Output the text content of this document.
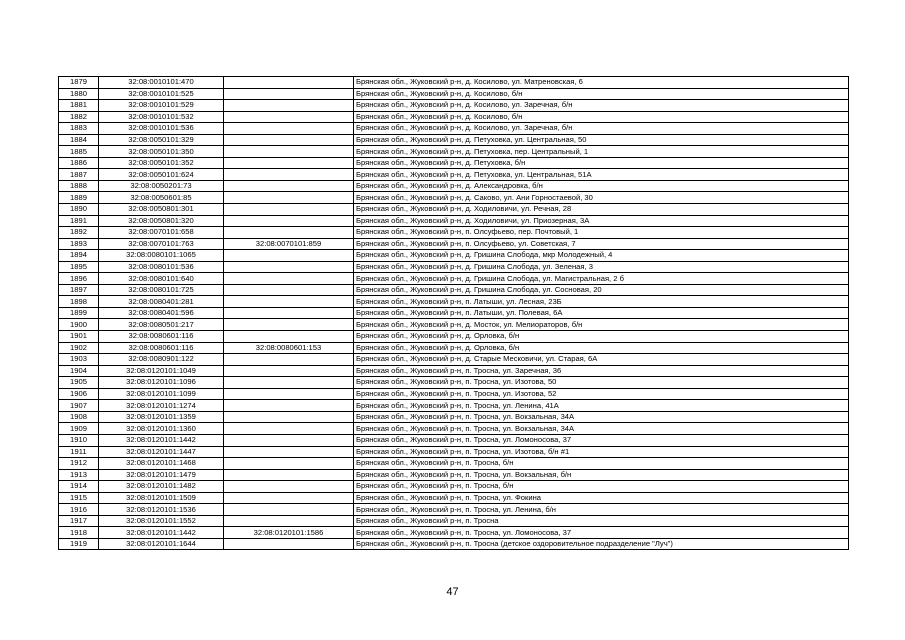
1879	32:08:0010101:470		Брянская обл., Жуковский р-н, д. Косилово, ул. Матреновская, 6
1880	32:08:0010101:525		Брянская обл., Жуковский р-н, д. Косилово, б/н
1881	32:08:0010101:529		Брянская обл., Жуковский р-н, д. Косилово, ул. Заречная, б/н
1882	32:08:0010101:532		Брянская обл., Жуковский р-н, д. Косилово, б/н
1883	32:08:0010101:536		Брянская обл., Жуковский р-н, д. Косилово, ул. Заречная, б/н
1884	32:08:0050101:329		Брянская обл., Жуковский р-н, д. Петуховка, ул. Центральная, 50
1885	32:08:0050101:350		Брянская обл., Жуковский р-н, д. Петуховка, пер. Центральный, 1
1886	32:08:0050101:352		Брянская обл., Жуковский р-н, д. Петуховка, б/н
1887	32:08:0050101:624		Брянская обл., Жуковский р-н, д. Петуховка, ул. Центральная, 51А
1888	32:08:0050201:73		Брянская обл., Жуковский р-н, д. Александровка, б/н
1889	32:08:0050601:85		Брянская обл., Жуковский р-н, д. Саково, ул. Ани Горностаевой, 30
1890	32:08:0050801:301		Брянская обл., Жуковский р-н, д. Ходиловичи, ул. Речная, 28
1891	32:08:0050801:320		Брянская обл., Жуковский р-н, д. Ходиловичи, ул. Приозерная, 3А
1892	32:08:0070101:658		Брянская обл., Жуковский р-н, п. Олсуфьево, пер. Почтовый, 1
1893	32:08:0070101:763	32:08:0070101:859	Брянская обл., Жуковский р-н, п. Олсуфьево, ул. Советская, 7
1894	32:08:0080101:1065		Брянская обл., Жуковский р-н, д. Гришина Слобода, мкр Молодежный, 4
1895	32:08:0080101:536		Брянская обл., Жуковский р-н, д. Гришина Слобода, ул. Зеленая, 3
1896	32:08:0080101:640		Брянская обл., Жуковский р-н, д. Гришина Слобода, ул. Магистральная, 2 б
1897	32:08:0080101:725		Брянская обл., Жуковский р-н, д. Гришина Слобода, ул. Сосновая, 20
1898	32:08:0080401:281		Брянская обл., Жуковский р-н, п. Латыши, ул. Лесная, 23Б
1899	32:08:0080401:596		Брянская обл., Жуковский р-н, п. Латыши, ул. Полевая, 6А
1900	32:08:0080501:217		Брянская обл., Жуковский р-н, д. Мосток, ул. Мелиораторов, б/н
1901	32:08:0080601:116		Брянская обл., Жуковский р-н, д. Орловка, б/н
1902	32:08:0080601:116	32:08:0080601:153	Брянская обл., Жуковский р-н, д. Орловка, б/н
1903	32:08:0080901:122		Брянская обл., Жуковский р-н, д. Старые Месковичи, ул. Старая, 6А
1904	32:08:0120101:1049		Брянская обл., Жуковский р-н, п. Тросна, ул. Заречная, 36
1905	32:08:0120101:1096		Брянская обл., Жуковский р-н, п. Тросна, ул. Изотова, 50
1906	32:08:0120101:1099		Брянская обл., Жуковский р-н, п. Тросна, ул. Изотова, 52
1907	32:08:0120101:1274		Брянская обл., Жуковский р-н, п. Тросна, ул. Ленина, 41А
1908	32:08:0120101:1359		Брянская обл., Жуковский р-н, п. Тросна, ул. Вокзальная, 34А
1909	32:08:0120101:1360		Брянская обл., Жуковский р-н, п. Тросна, ул. Вокзальная, 34А
1910	32:08:0120101:1442		Брянская обл., Жуковский р-н, п. Тросна, ул. Ломоносова, 37
1911	32:08:0120101:1447		Брянская обл., Жуковский р-н, п. Тросна, ул. Изотова, б/н #1
1912	32:08:0120101:1468		Брянская обл., Жуковский р-н, п. Тросна, б/н
1913	32:08:0120101:1479		Брянская обл., Жуковский р-н, п. Тросна, ул. Вокзальная, б/н
1914	32:08:0120101:1482		Брянская обл., Жуковский р-н, п. Тросна, б/н
1915	32:08:0120101:1509		Брянская обл., Жуковский р-н, п. Тросна, ул. Фокина
1916	32:08:0120101:1536		Брянская обл., Жуковский р-н, п. Тросна, ул. Ленина, б/н
1917	32:08:0120101:1552		Брянская обл., Жуковский р-н, п. Тросна
1918	32:08:0120101:1442	32:08:0120101:1586	Брянская обл., Жуковский р-н, п. Тросна, ул. Ломоносова, 37
1919	32:08:0120101:1644		Брянская обл., Жуковский р-н, п. Тросна (детское оздоровительное подразделение "Луч")
47
